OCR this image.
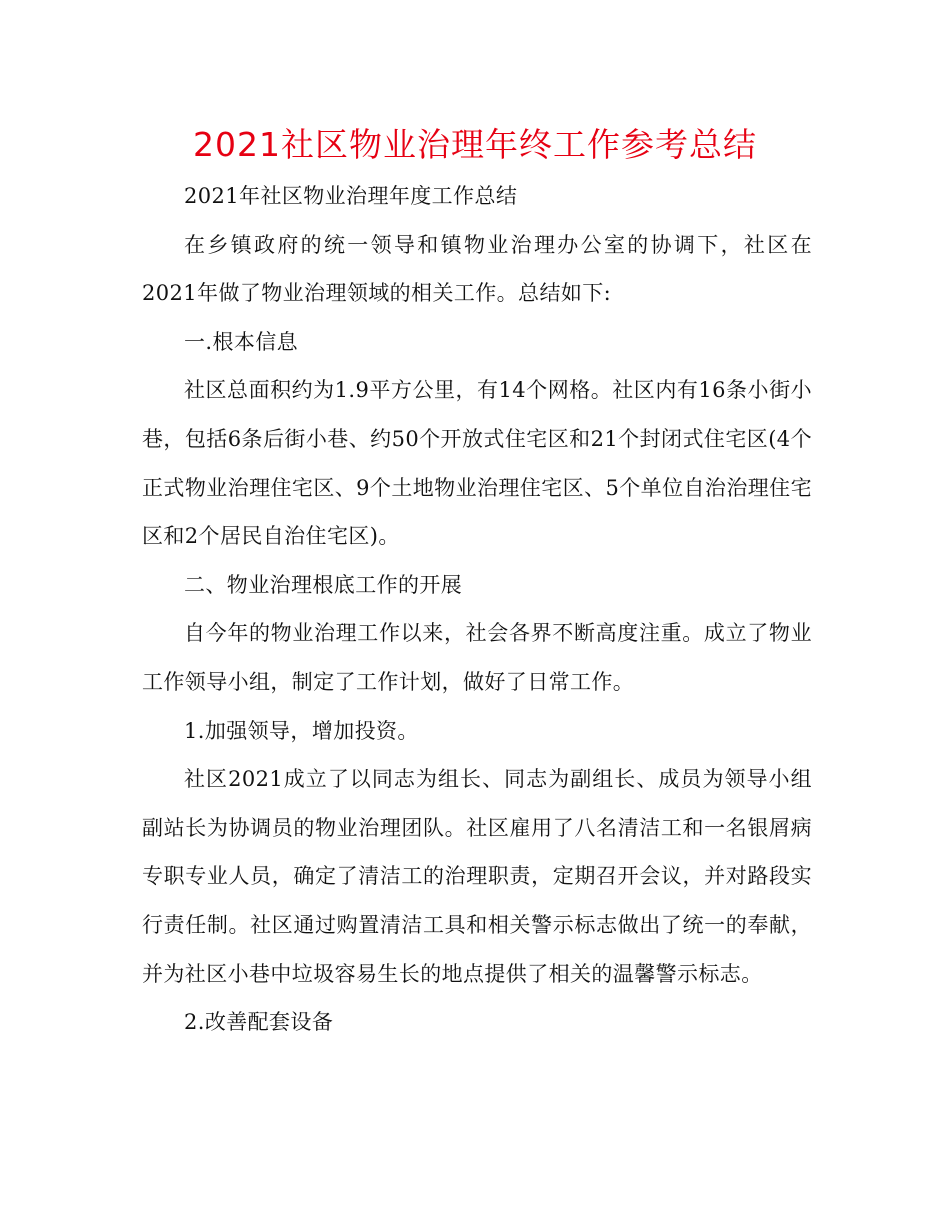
2021社区物业治理年终工作参考总结

2021年社区物业治理年度工作总结

在乡镇政府的统一领导和镇物业治理办公室的协调下，社区在2021年做了物业治理领域的相关工作。总结如下:

一.根本信息

社区总面积约为1.9平方公里，有14个网格。社区内有16条小街小巷，包括6条后街小巷、约50个开放式住宅区和21个封闭式住宅区(4个正式物业治理住宅区、9个土地物业治理住宅区、5个单位自治治理住宅区和2个居民自治住宅区)。

二、物业治理根底工作的开展

自今年的物业治理工作以来，社会各界不断高度注重。成立了物业工作领导小组，制定了工作计划，做好了日常工作。

1.加强领导，增加投资。

社区2021成立了以同志为组长、同志为副组长、成员为领导小组副站长为协调员的物业治理团队。社区雇用了八名清洁工和一名银屑病专职专业人员，确定了清洁工的治理职责，定期召开会议，并对路段实行责任制。社区通过购置清洁工具和相关警示标志做出了统一的奉献，并为社区小巷中垃圾容易生长的地点提供了相关的温馨警示标志。

2.改善配套设备
